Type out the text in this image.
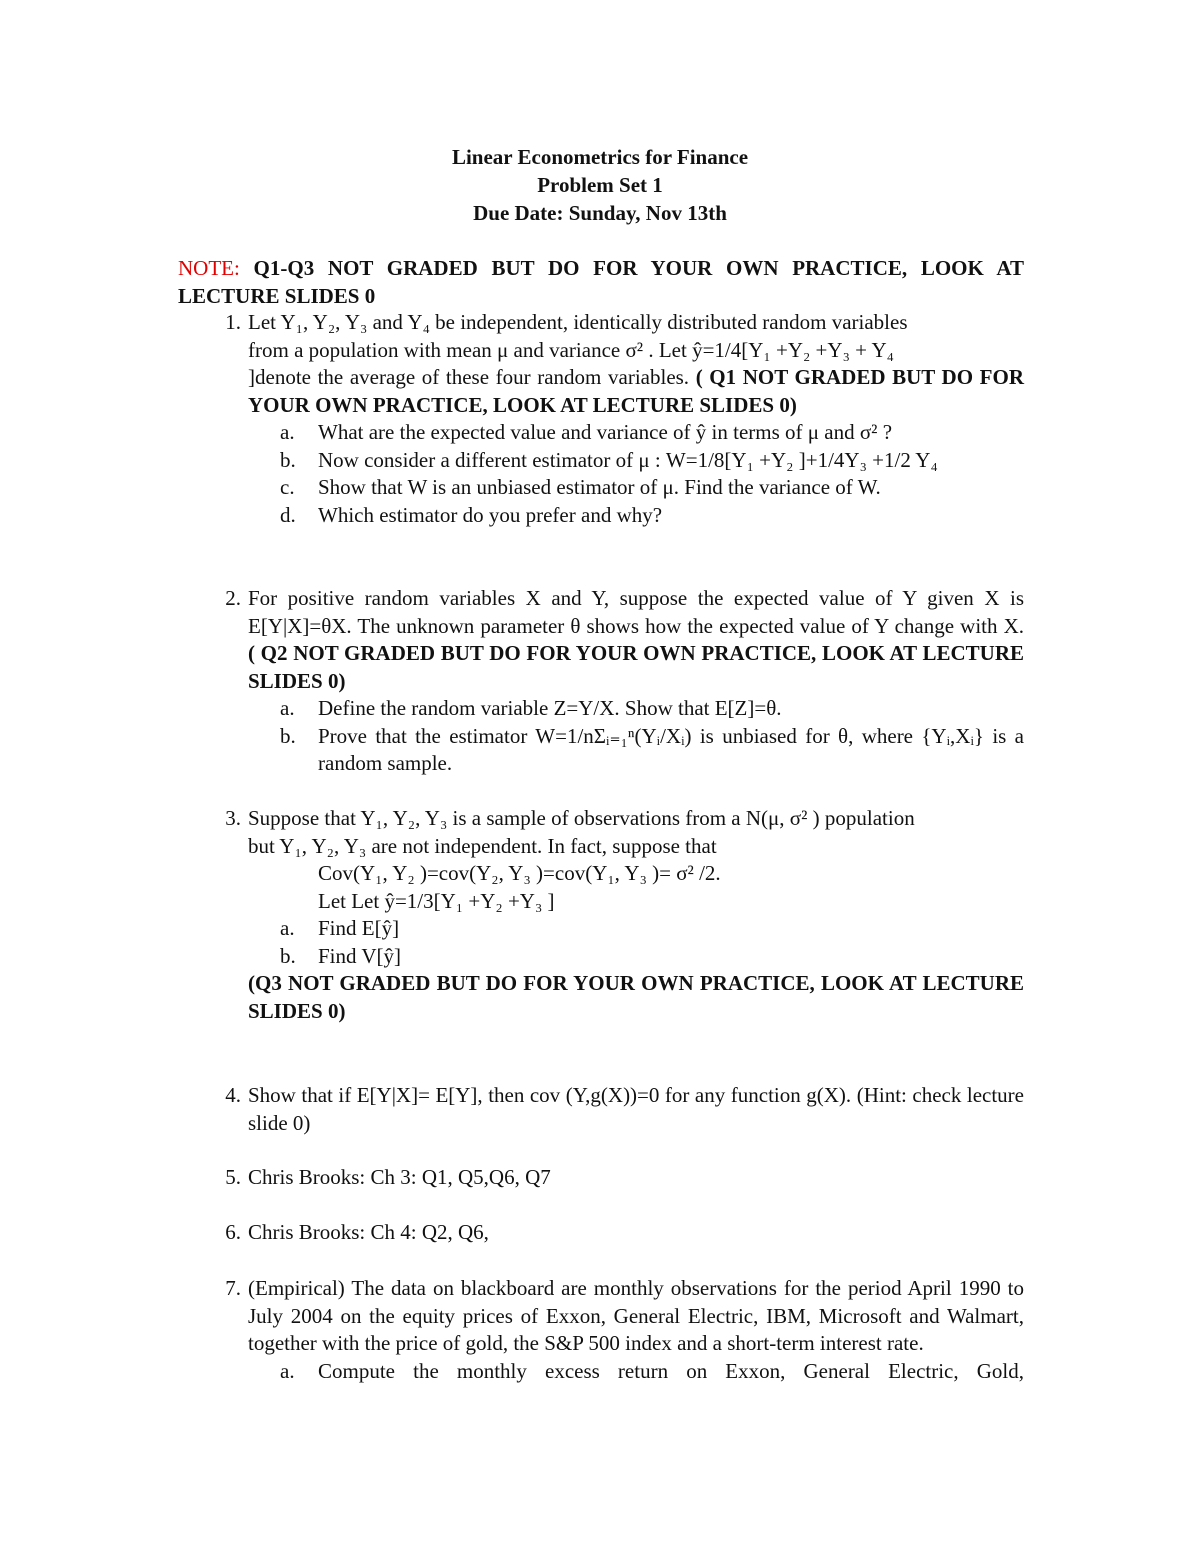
Linear Econometrics for Finance
Problem Set 1
Due Date: Sunday, Nov 13th
NOTE: Q1-Q3 NOT GRADED BUT DO FOR YOUR OWN PRACTICE, LOOK AT LECTURE SLIDES 0
1. Let Y₁, Y₂, Y₃ and Y₄ be independent, identically distributed random variables
from a population with mean μ and variance σ² . Let ŷ=1/4[Y₁ +Y₂ +Y₃ + Y₄
]denote the average of these four random variables. ( Q1 NOT GRADED BUT DO FOR YOUR OWN PRACTICE, LOOK AT LECTURE SLIDES 0)
a. What are the expected value and variance of ŷ in terms of μ and σ² ?
b. Now consider a different estimator of μ : W=1/8[Y₁ +Y₂ ]+1/4Y₃ +1/2 Y₄
c. Show that W is an unbiased estimator of μ. Find the variance of W.
d. Which estimator do you prefer and why?
2. For positive random variables X and Y, suppose the expected value of Y given X is E[Y|X]=θX. The unknown parameter θ shows how the expected value of Y change with X. ( Q2 NOT GRADED BUT DO FOR YOUR OWN PRACTICE, LOOK AT LECTURE SLIDES 0)
a. Define the random variable Z=Y/X. Show that E[Z]=θ.
b. Prove that the estimator W=1/nΣᵢ₌₁ⁿ(Yᵢ/Xᵢ) is unbiased for θ, where {Yᵢ,Xᵢ} is a random sample.
3. Suppose that Y₁, Y₂, Y₃ is a sample of observations from a N(μ, σ² ) population
but Y₁, Y₂, Y₃ are not independent. In fact, suppose that
Cov(Y₁, Y₂ )=cov(Y₂, Y₃ )=cov(Y₁, Y₃ )= σ² /2.
Let Let ŷ=1/3[Y₁ +Y₂ +Y₃ ]
a. Find E[ŷ]
b. Find V[ŷ]
(Q3 NOT GRADED BUT DO FOR YOUR OWN PRACTICE, LOOK AT LECTURE SLIDES 0)
4. Show that if E[Y|X]= E[Y], then cov (Y,g(X))=0 for any function g(X). (Hint: check lecture slide 0)
5. Chris Brooks: Ch 3: Q1, Q5,Q6, Q7
6. Chris Brooks: Ch 4: Q2, Q6,
7. (Empirical) The data on blackboard are monthly observations for the period April 1990 to July 2004 on the equity prices of Exxon, General Electric, IBM, Microsoft and Walmart, together with the price of gold, the S&P 500 index and a short-term interest rate.
a. Compute the monthly excess return on Exxon, General Electric, Gold,
